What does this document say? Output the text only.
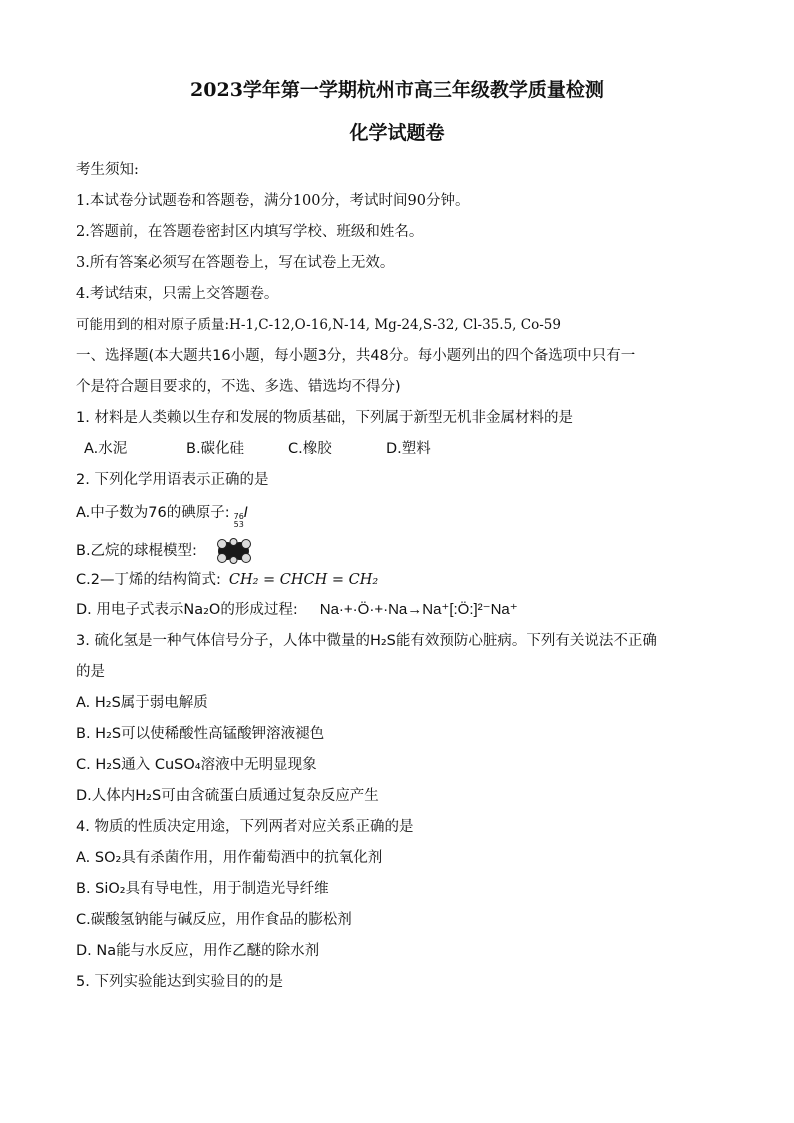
2023学年第一学期杭州市高三年级教学质量检测
化学试题卷
考生须知:
1.本试卷分试题卷和答题卷，满分100分，考试时间90分钟。
2.答题前，在答题卷密封区内填写学校、班级和姓名。
3.所有答案必须写在答题卷上，写在试卷上无效。
4.考试结束，只需上交答题卷。
可能用到的相对原子质量:H-1,C-12,O-16,N-14, Mg-24,S-32, Cl-35.5, Co-59
一、选择题(本大题共16小题，每小题3分，共48分。每小题列出的四个备选项中只有一
个是符合题目要求的，不选、多选、错选均不得分)
1. 材料是人类赖以生存和发展的物质基础，下列属于新型无机非金属材料的是
A.水泥	B.碳化硅	C.橡胶	D.塑料
2. 下列化学用语表示正确的是
A.中子数为76的碘原子: 76
53
I
B.乙烷的球棍模型:
C.2—丁烯的结构简式: CH₂ = CHCH = CH₂
D. 用电子式表示Na₂O的形成过程: Na·+·Ö·+·Na→Na⁺[:Ö:]²⁻Na⁺
3. 硫化氢是一种气体信号分子，人体中微量的H₂S能有效预防心脏病。下列有关说法不正确
的是
A. H₂S属于弱电解质
B. H₂S可以使稀酸性高锰酸钾溶液褪色
C. H₂S通入 CuSO₄溶液中无明显现象
D.人体内H₂S可由含硫蛋白质通过复杂反应产生
4. 物质的性质决定用途，下列两者对应关系正确的是
A. SO₂具有杀菌作用，用作葡萄酒中的抗氧化剂
B. SiO₂具有导电性，用于制造光导纤维
C.碳酸氢钠能与碱反应，用作食品的膨松剂
D. Na能与水反应，用作乙醚的除水剂
5. 下列实验能达到实验目的的是
